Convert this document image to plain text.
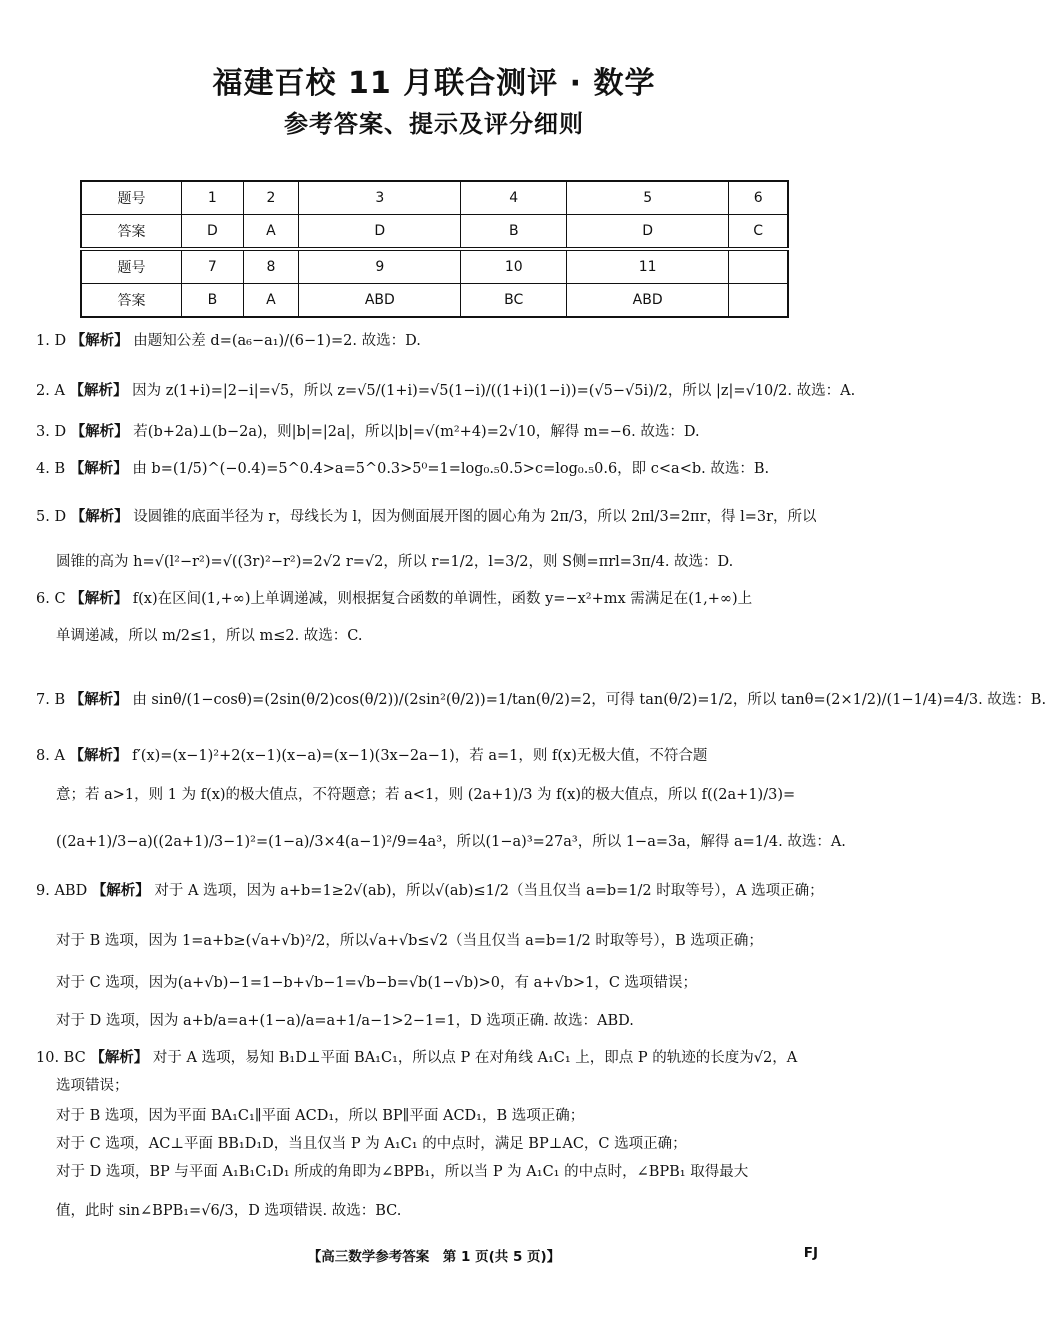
福建百校 11 月联合测评 · 数学
参考答案、提示及评分细则
题号	1	2	3	4	5	6
答案	D	A	D	B	D	C
题号	7	8	9	10	11	
答案	B	A	ABD	BC	ABD	
1. D 【解析】 由题知公差 d=(a₆−a₁)/(6−1)=2. 故选：D.
2. A 【解析】 因为 z(1+i)=|2−i|=√5，所以 z=√5/(1+i)=√5(1−i)/((1+i)(1−i))=(√5−√5i)/2，所以 |z|=√10/2. 故选：A.
3. D 【解析】 若(b+2a)⊥(b−2a)，则|b|=|2a|，所以|b|=√(m²+4)=2√10，解得 m=−6. 故选：D.
4. B 【解析】 由 b=(1/5)^(−0.4)=5^0.4>a=5^0.3>5⁰=1=log₀.₅0.5>c=log₀.₅0.6，即 c<a<b. 故选：B.
5. D 【解析】 设圆锥的底面半径为 r，母线长为 l，因为侧面展开图的圆心角为 2π/3，所以 2πl/3=2πr，得 l=3r，所以
圆锥的高为 h=√(l²−r²)=√((3r)²−r²)=2√2 r=√2，所以 r=1/2，l=3/2，则 S侧=πrl=3π/4. 故选：D.
6. C 【解析】 f(x)在区间(1,+∞)上单调递减，则根据复合函数的单调性，函数 y=−x²+mx 需满足在(1,+∞)上
单调递减，所以 m/2≤1，所以 m≤2. 故选：C.
7. B 【解析】 由 sinθ/(1−cosθ)=(2sin(θ/2)cos(θ/2))/(2sin²(θ/2))=1/tan(θ/2)=2，可得 tan(θ/2)=1/2，所以 tanθ=(2×1/2)/(1−1/4)=4/3. 故选：B.
8. A 【解析】 f′(x)=(x−1)²+2(x−1)(x−a)=(x−1)(3x−2a−1)，若 a=1，则 f(x)无极大值，不符合题
意；若 a>1，则 1 为 f(x)的极大值点，不符题意；若 a<1，则 (2a+1)/3 为 f(x)的极大值点，所以 f((2a+1)/3)=
((2a+1)/3−a)((2a+1)/3−1)²=(1−a)/3×4(a−1)²/9=4a³，所以(1−a)³=27a³，所以 1−a=3a，解得 a=1/4. 故选：A.
9. ABD 【解析】 对于 A 选项，因为 a+b=1≥2√(ab)，所以√(ab)≤1/2（当且仅当 a=b=1/2 时取等号），A 选项正确；
对于 B 选项，因为 1=a+b≥(√a+√b)²/2，所以√a+√b≤√2（当且仅当 a=b=1/2 时取等号），B 选项正确；
对于 C 选项，因为(a+√b)−1=1−b+√b−1=√b−b=√b(1−√b)>0，有 a+√b>1，C 选项错误；
对于 D 选项，因为 a+b/a=a+(1−a)/a=a+1/a−1>2−1=1，D 选项正确. 故选：ABD.
10. BC 【解析】 对于 A 选项，易知 B₁D⊥平面 BA₁C₁，所以点 P 在对角线 A₁C₁ 上，即点 P 的轨迹的长度为√2，A
选项错误；
对于 B 选项，因为平面 BA₁C₁∥平面 ACD₁，所以 BP∥平面 ACD₁，B 选项正确；
对于 C 选项，AC⊥平面 BB₁D₁D，当且仅当 P 为 A₁C₁ 的中点时，满足 BP⊥AC，C 选项正确；
对于 D 选项，BP 与平面 A₁B₁C₁D₁ 所成的角即为∠BPB₁，所以当 P 为 A₁C₁ 的中点时，∠BPB₁ 取得最大
值，此时 sin∠BPB₁=√6/3，D 选项错误. 故选：BC.
【高三数学参考答案　第 1 页(共 5 页)】	FJ
